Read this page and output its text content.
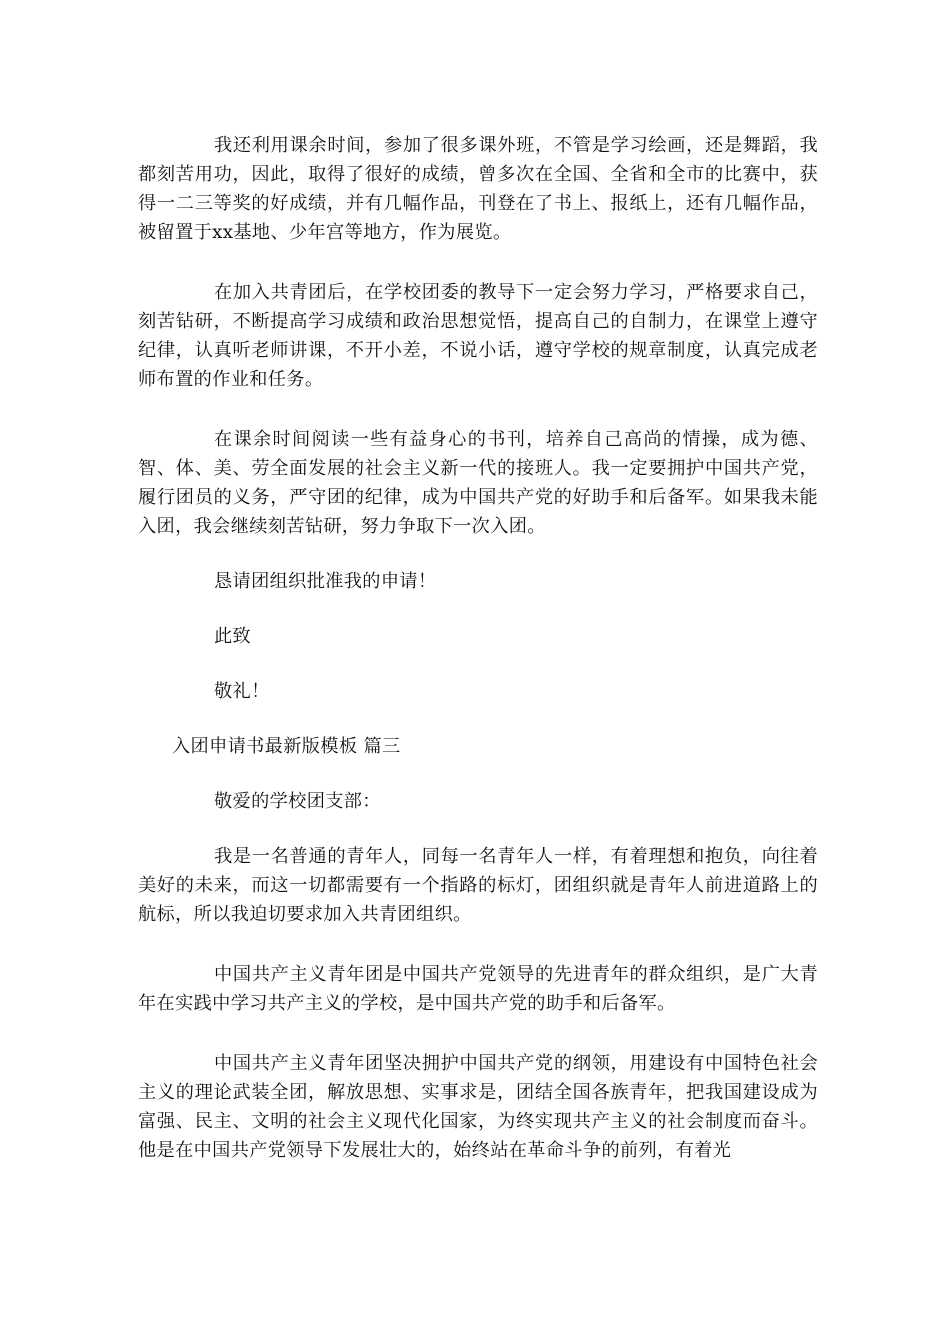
我还利用课余时间，参加了很多课外班，不管是学习绘画，还是舞蹈，我都刻苦用功，因此，取得了很好的成绩，曾多次在全国、全省和全市的比赛中，获得一二三等奖的好成绩，并有几幅作品，刊登在了书上、报纸上，还有几幅作品，被留置于xx基地、少年宫等地方，作为展览。

在加入共青团后，在学校团委的教导下一定会努力学习，严格要求自己，刻苦钻研，不断提高学习成绩和政治思想觉悟，提高自己的自制力，在课堂上遵守纪律，认真听老师讲课，不开小差，不说小话，遵守学校的规章制度，认真完成老师布置的作业和任务。

在课余时间阅读一些有益身心的书刊，培养自己高尚的情操，成为德、智、体、美、劳全面发展的社会主义新一代的接班人。我一定要拥护中国共产党，履行团员的义务，严守团的纪律，成为中国共产党的好助手和后备军。如果我未能入团，我会继续刻苦钻研，努力争取下一次入团。

恳请团组织批准我的申请！

此致

敬礼！

入团申请书最新版模板 篇三

敬爱的学校团支部：

我是一名普通的青年人，同每一名青年人一样，有着理想和抱负，向往着美好的未来，而这一切都需要有一个指路的标灯，团组织就是青年人前进道路上的航标，所以我迫切要求加入共青团组织。

中国共产主义青年团是中国共产党领导的先进青年的群众组织，是广大青年在实践中学习共产主义的学校，是中国共产党的助手和后备军。

中国共产主义青年团坚决拥护中国共产党的纲领，用建设有中国特色社会主义的理论武装全团，解放思想、实事求是，团结全国各族青年，把我国建设成为富强、民主、文明的社会主义现代化国家，为终实现共产主义的社会制度而奋斗。他是在中国共产党领导下发展壮大的，始终站在革命斗争的前列，有着光
